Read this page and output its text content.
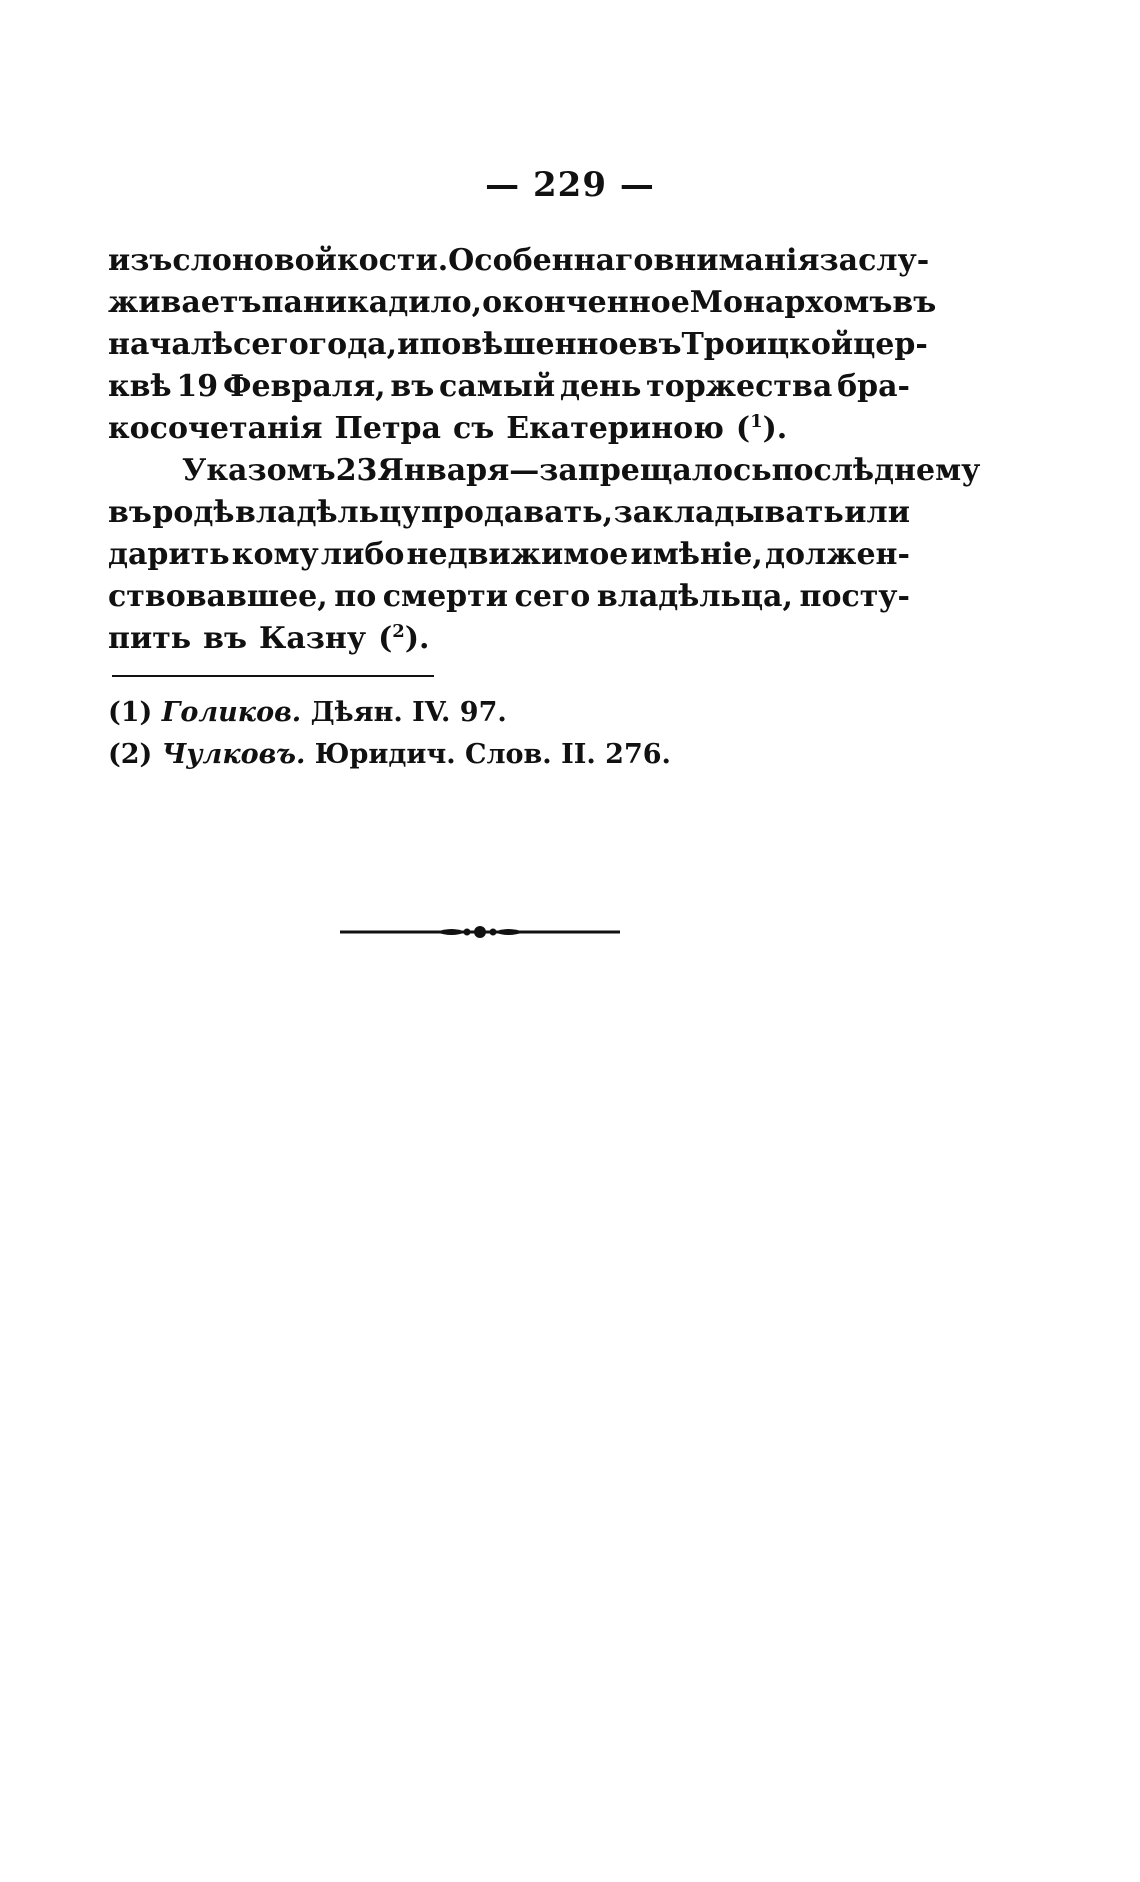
— 229 —
изъ слоновой кости. Особеннаго вниманія заслу-
живаетъ паникадило, оконченное Монархомъ въ
началѣ сего года, и повѣшенное въ Троицкой цер-
квѣ 19 Февраля, въ самый день торжества бра-
косочетанія Петра съ Екатериною ($^1$).
Указомъ 23 Января— запрещалось послѣднему
въ родѣ владѣльцу продавать, закладывать или
дарить кому либо недвижимое имѣніе, должен-
ствовавшее, по смерти сего владѣльца, посту-
пить въ Казну ($^2$).
(1) Голиков. Дѣян. IV. 97.
(2) Чулковъ. Юридич. Слов. II. 276.
